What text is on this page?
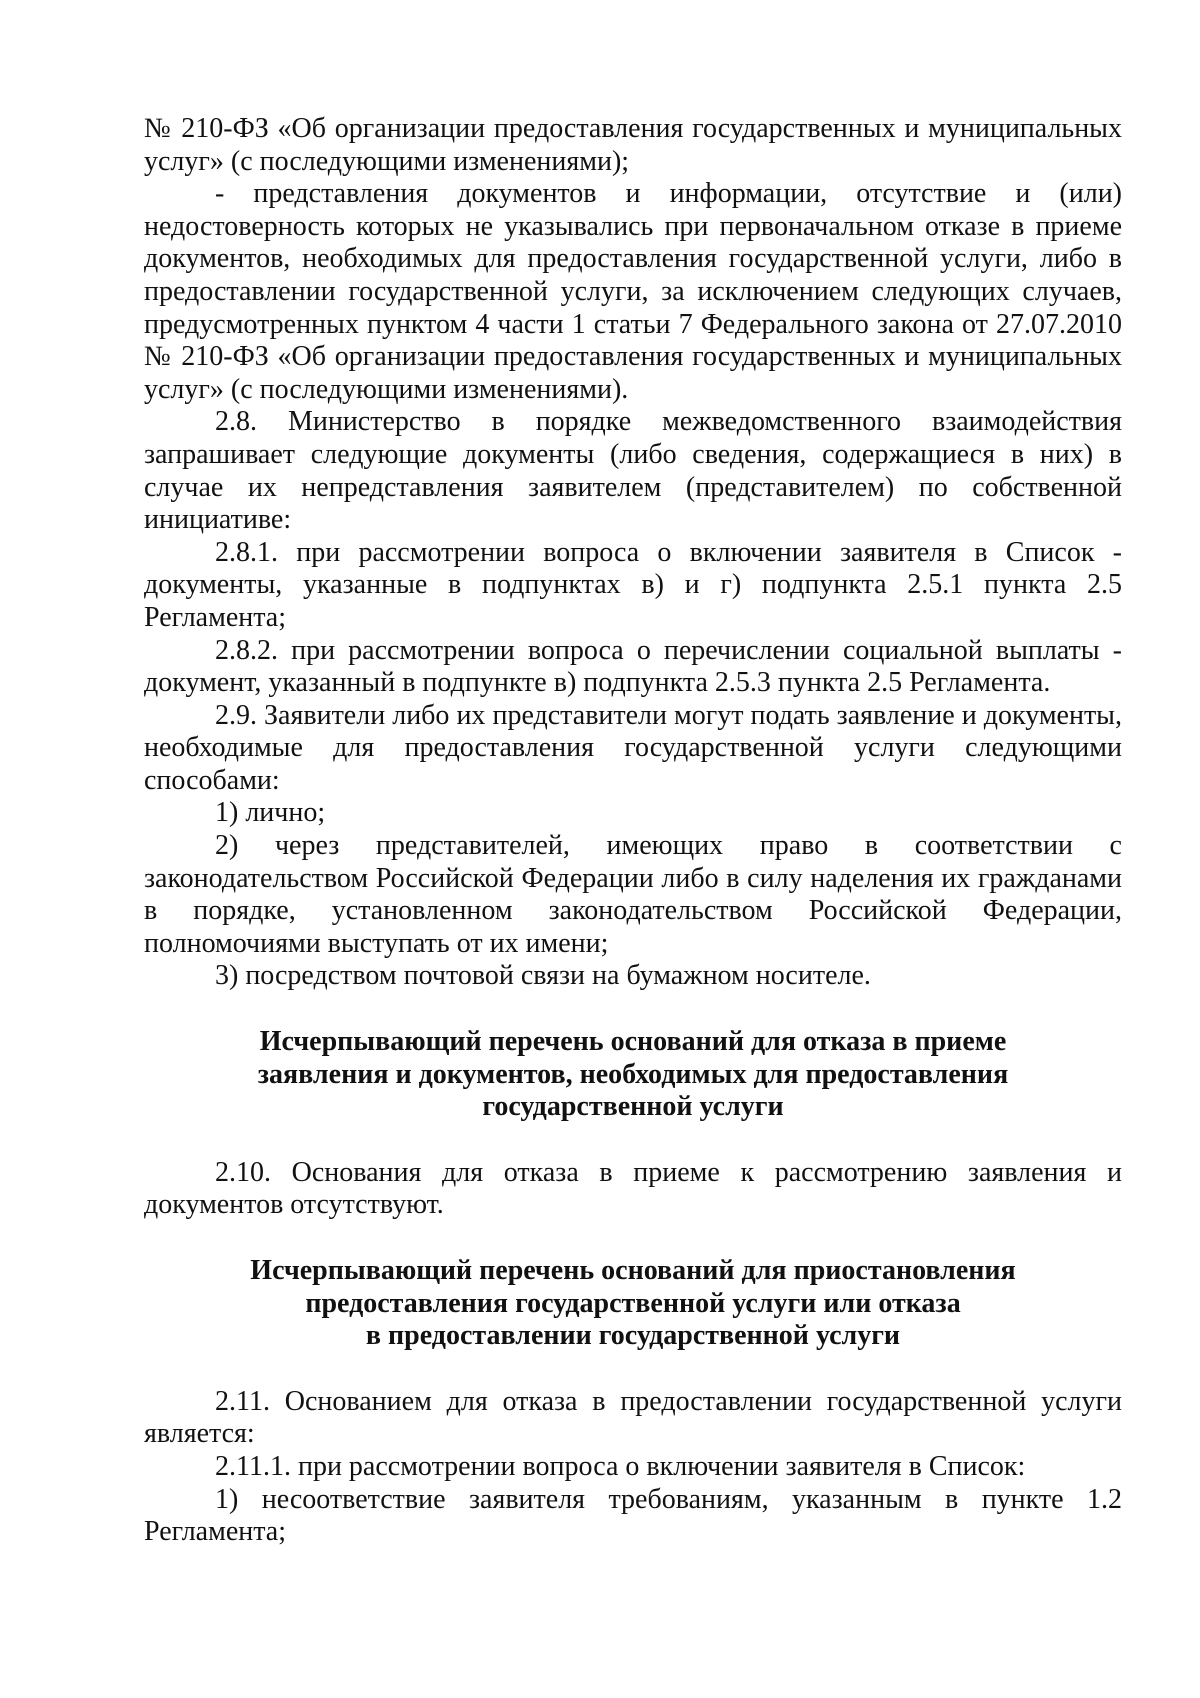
№ 210-ФЗ «Об организации предоставления государственных и муниципальных услуг» (с последующими изменениями);

- представления документов и информации, отсутствие и (или) недостоверность которых не указывались при первоначальном отказе в приеме документов, необходимых для предоставления государственной услуги, либо в предоставлении государственной услуги, за исключением следующих случаев, предусмотренных пунктом 4 части 1 статьи 7 Федерального закона от 27.07.2010 № 210-ФЗ «Об организации предоставления государственных и муниципальных услуг» (с последующими изменениями).

2.8. Министерство в порядке межведомственного взаимодействия запрашивает следующие документы (либо сведения, содержащиеся в них) в случае их непредставления заявителем (представителем) по собственной инициативе:

2.8.1. при рассмотрении вопроса о включении заявителя в Список - документы, указанные в подпунктах в) и г) подпункта 2.5.1 пункта 2.5 Регламента;

2.8.2. при рассмотрении вопроса о перечислении социальной выплаты - документ, указанный в подпункте в) подпункта 2.5.3 пункта 2.5 Регламента.

2.9. Заявители либо их представители могут подать заявление и документы, необходимые для предоставления государственной услуги следующими способами:

1) лично;

2) через представителей, имеющих право в соответствии с законодательством Российской Федерации либо в силу наделения их гражданами в порядке, установленном законодательством Российской Федерации, полномочиями выступать от их имени;

3) посредством почтовой связи на бумажном носителе.

Исчерпывающий перечень оснований для отказа в приеме

заявления и документов, необходимых для предоставления

государственной услуги

2.10. Основания для отказа в приеме к рассмотрению заявления и документов отсутствуют.

Исчерпывающий перечень оснований для приостановления

предоставления государственной услуги или отказа

в предоставлении государственной услуги

2.11. Основанием для отказа в предоставлении государственной услуги является:

2.11.1. при рассмотрении вопроса о включении заявителя в Список:

1) несоответствие заявителя требованиям, указанным в пункте 1.2 Регламента;
